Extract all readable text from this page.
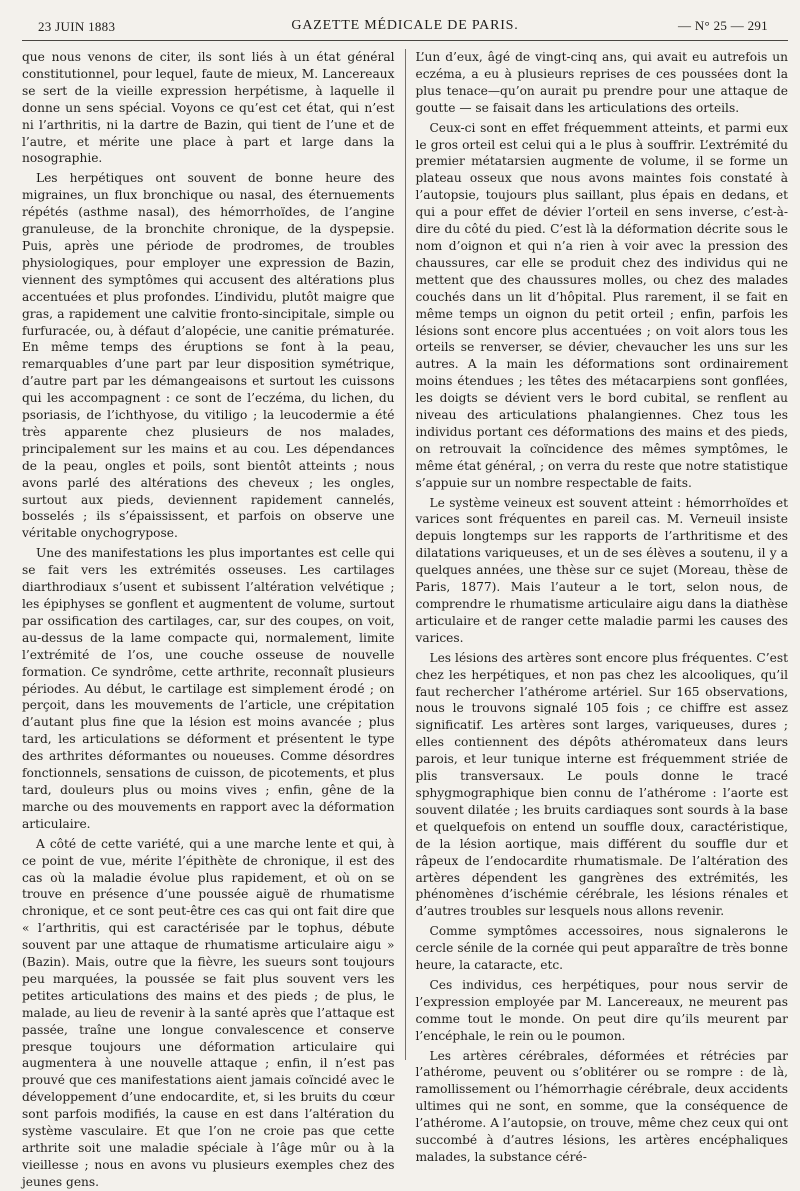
23 JUIN 1883	GAZETTE MÉDICALE DE PARIS.	— N° 25 — 291

que nous venons de citer, ils sont liés à un état général constitutionnel, pour lequel, faute de mieux, M. Lancereaux se sert de la vieille expression herpétisme, à laquelle il donne un sens spécial. Voyons ce qu’est cet état, qui n’est ni l’arthritis, ni la dartre de Bazin, qui tient de l’une et de l’autre, et mérite une place à part et large dans la nosographie.

Les herpétiques ont souvent de bonne heure des migraines, un flux bronchique ou nasal, des éternuements répétés (asthme nasal), des hémorrhoïdes, de l’angine granuleuse, de la bronchite chronique, de la dyspepsie. Puis, après une période de prodromes, de troubles physiologiques, pour employer une expression de Bazin, viennent des symptômes qui accusent des altérations plus accentuées et plus profondes. L’individu, plutôt maigre que gras, a rapidement une calvitie fronto-sincipitale, simple ou furfuracée, ou, à défaut d’alopécie, une canitie prématurée. En même temps des éruptions se font à la peau, remarquables d’une part par leur disposition symétrique, d’autre part par les démangeaisons et surtout les cuissons qui les accompagnent : ce sont de l’eczéma, du lichen, du psoriasis, de l’ichthyose, du vitiligo ; la leucodermie a été très apparente chez plusieurs de nos malades, principalement sur les mains et au cou. Les dépendances de la peau, ongles et poils, sont bientôt atteints ; nous avons parlé des altérations des cheveux ; les ongles, surtout aux pieds, deviennent rapidement cannelés, bosselés ; ils s’épaississent, et parfois on observe une véritable onychogrypose.

Une des manifestations les plus importantes est celle qui se fait vers les extrémités osseuses. Les cartilages diarthrodiaux s’usent et subissent l’altération velvétique ; les épiphyses se gonflent et augmentent de volume, surtout par ossification des cartilages, car, sur des coupes, on voit, au-dessus de la lame compacte qui, normalement, limite l’extrémité de l’os, une couche osseuse de nouvelle formation. Ce syndrôme, cette arthrite, reconnaît plusieurs périodes. Au début, le cartilage est simplement érodé ; on perçoit, dans les mouvements de l’article, une crépitation d’autant plus fine que la lésion est moins avancée ; plus tard, les articulations se déforment et présentent le type des arthrites déformantes ou noueuses. Comme désordres fonctionnels, sensations de cuisson, de picotements, et plus tard, douleurs plus ou moins vives ; enfin, gêne de la marche ou des mouvements en rapport avec la déformation articulaire.

A côté de cette variété, qui a une marche lente et qui, à ce point de vue, mérite l’épithète de chronique, il est des cas où la maladie évolue plus rapidement, et où on se trouve en présence d’une poussée aiguë de rhumatisme chronique, et ce sont peut-être ces cas qui ont fait dire que « l’arthritis, qui est caractérisée par le tophus, débute souvent par une attaque de rhumatisme articulaire aigu » (Bazin). Mais, outre que la fièvre, les sueurs sont toujours peu marquées, la poussée se fait plus souvent vers les petites articulations des mains et des pieds ; de plus, le malade, au lieu de revenir à la santé après que l’attaque est passée, traîne une longue convalescence et conserve presque toujours une déformation articulaire qui augmentera à une nouvelle attaque ; enfin, il n’est pas prouvé que ces manifestations aient jamais coïncidé avec le développement d’une endocardite, et, si les bruits du cœur sont parfois modifiés, la cause en est dans l’altération du système vasculaire. Et que l’on ne croie pas que cette arthrite soit une maladie spéciale à l’âge mûr ou à la vieillesse ; nous en avons vu plusieurs exemples chez des jeunes gens.

L’un d’eux, âgé de vingt-cinq ans, qui avait eu autrefois un eczéma, a eu à plusieurs reprises de ces poussées dont la plus tenace—qu’on aurait pu prendre pour une attaque de goutte — se faisait dans les articulations des orteils.

Ceux-ci sont en effet fréquemment atteints, et parmi eux le gros orteil est celui qui a le plus à souffrir. L’extrémité du premier métatarsien augmente de volume, il se forme un plateau osseux que nous avons maintes fois constaté à l’autopsie, toujours plus saillant, plus épais en dedans, et qui a pour effet de dévier l’orteil en sens inverse, c’est-à-dire du côté du pied. C’est là la déformation décrite sous le nom d’oignon et qui n’a rien à voir avec la pression des chaussures, car elle se produit chez des individus qui ne mettent que des chaussures molles, ou chez des malades couchés dans un lit d’hôpital. Plus rarement, il se fait en même temps un oignon du petit orteil ; enfin, parfois les lésions sont encore plus accentuées ; on voit alors tous les orteils se renverser, se dévier, chevaucher les uns sur les autres. A la main les déformations sont ordinairement moins étendues ; les têtes des métacarpiens sont gonflées, les doigts se dévient vers le bord cubital, se renflent au niveau des articulations phalangiennes. Chez tous les individus portant ces déformations des mains et des pieds, on retrouvait la coïncidence des mêmes symptômes, le même état général, ; on verra du reste que notre statistique s’appuie sur un nombre respectable de faits.

Le système veineux est souvent atteint : hémorrhoïdes et varices sont fréquentes en pareil cas. M. Verneuil insiste depuis longtemps sur les rapports de l’arthritisme et des dilatations variqueuses, et un de ses élèves a soutenu, il y a quelques années, une thèse sur ce sujet (Moreau, thèse de Paris, 1877). Mais l’auteur a le tort, selon nous, de comprendre le rhumatisme articulaire aigu dans la diathèse articulaire et de ranger cette maladie parmi les causes des varices.

Les lésions des artères sont encore plus fréquentes. C’est chez les herpétiques, et non pas chez les alcooliques, qu’il faut rechercher l’athérome artériel. Sur 165 observations, nous le trouvons signalé 105 fois ; ce chiffre est assez significatif. Les artères sont larges, variqueuses, dures ; elles contiennent des dépôts athéromateux dans leurs parois, et leur tunique interne est fréquemment striée de plis transversaux. Le pouls donne le tracé sphygmographique bien connu de l’athérome : l’aorte est souvent dilatée ; les bruits cardiaques sont sourds à la base et quelquefois on entend un souffle doux, caractéristique, de la lésion aortique, mais différent du souffle dur et râpeux de l’endocardite rhumatismale. De l’altération des artères dépendent les gangrènes des extrémités, les phénomènes d’ischémie cérébrale, les lésions rénales et d’autres troubles sur lesquels nous allons revenir.

Comme symptômes accessoires, nous signalerons le cercle sénile de la cornée qui peut apparaître de très bonne heure, la cataracte, etc.

Ces individus, ces herpétiques, pour nous servir de l’expression employée par M. Lancereaux, ne meurent pas comme tout le monde. On peut dire qu’ils meurent par l’encéphale, le rein ou le poumon.

Les artères cérébrales, déformées et rétrécies par l’athérome, peuvent ou s’oblitérer ou se rompre : de là, ramollissement ou l’hémorrhagie cérébrale, deux accidents ultimes qui ne sont, en somme, que la conséquence de l’athérome. A l’autopsie, on trouve, même chez ceux qui ont succombé à d’autres lésions, les artères encéphaliques malades, la substance céré-
